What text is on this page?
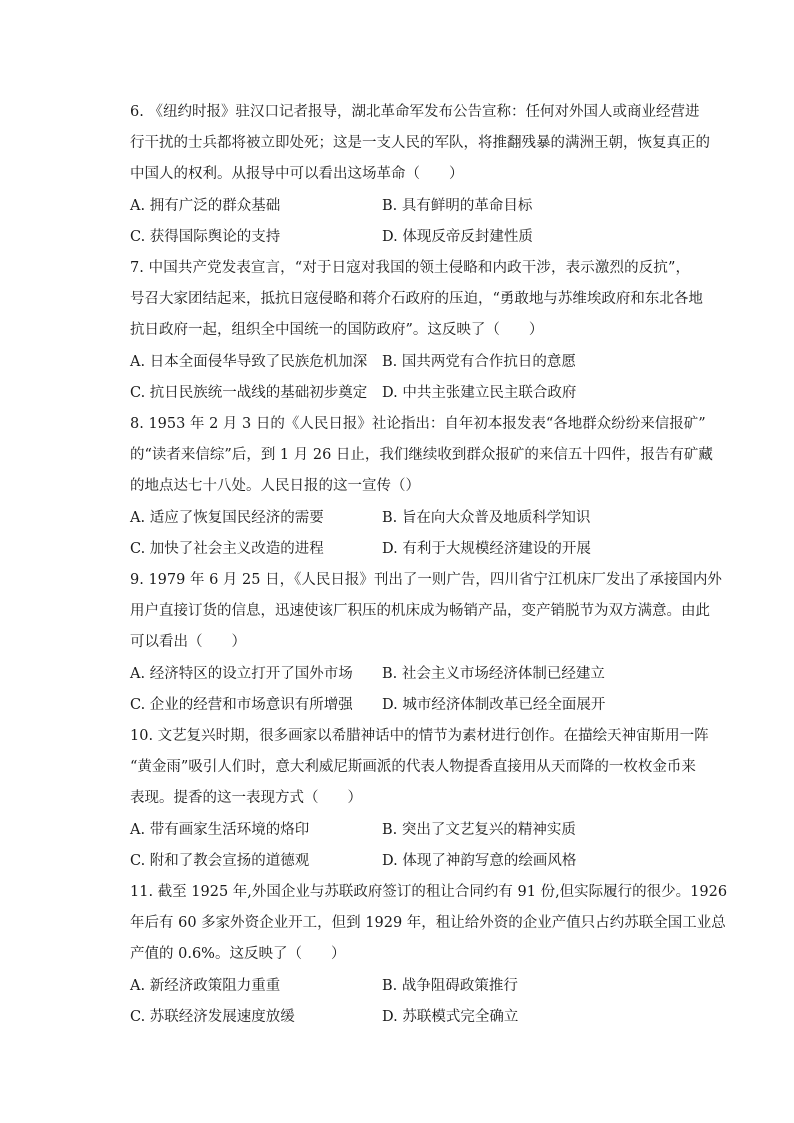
6. 《纽约时报》驻汉口记者报导，湖北革命军发布公告宣称：任何对外国人或商业经营进
行干扰的士兵都将被立即处死；这是一支人民的军队，将推翻残暴的满洲王朝，恢复真正的
中国人的权利。从报导中可以看出这场革命（　　）
A. 拥有广泛的群众基础	B. 具有鲜明的革命目标
C. 获得国际舆论的支持	D. 体现反帝反封建性质
7. 中国共产党发表宣言，“对于日寇对我国的领土侵略和内政干涉，表示激烈的反抗”，
号召大家团结起来，抵抗日寇侵略和蒋介石政府的压迫，“勇敢地与苏维埃政府和东北各地
抗日政府一起，组织全中国统一的国防政府”。这反映了（　　）
A. 日本全面侵华导致了民族危机加深 B. 国共两党有合作抗日的意愿
C. 抗日民族统一战线的基础初步奠定 D. 中共主张建立民主联合政府
8. 1953 年 2 月 3 日的《人民日报》社论指出：自年初本报发表“各地群众纷纷来信报矿”
的“读者来信综”后，到 1 月 26 日止，我们继续收到群众报矿的来信五十四件，报告有矿藏
的地点达七十八处。人民日报的这一宣传（）
A. 适应了恢复国民经济的需要	B. 旨在向大众普及地质科学知识
C. 加快了社会主义改造的进程	D. 有利于大规模经济建设的开展
9. 1979 年 6 月 25 日，《人民日报》刊出了一则广告，四川省宁江机床厂发出了承接国内外
用户直接订货的信息，迅速使该厂积压的机床成为畅销产品，变产销脱节为双方满意。由此
可以看出（　　）
A. 经济特区的设立打开了国外市场 B. 社会主义市场经济体制已经建立
C. 企业的经营和市场意识有所增强 D. 城市经济体制改革已经全面展开
10. 文艺复兴时期，很多画家以希腊神话中的情节为素材进行创作。在描绘天神宙斯用一阵
“黄金雨”吸引人们时，意大利威尼斯画派的代表人物提香直接用从天而降的一枚枚金币来
表现。提香的这一表现方式（　　）
A. 带有画家生活环境的烙印	B. 突出了文艺复兴的精神实质
C. 附和了教会宣扬的道德观	D. 体现了神韵写意的绘画风格
11. 截至 1925 年,外国企业与苏联政府签订的租让合同约有 91 份,但实际履行的很少。1926
年后有 60 多家外资企业开工，但到 1929 年，租让给外资的企业产值只占约苏联全国工业总
产值的 0.6%。这反映了（　　）
A. 新经济政策阻力重重	B. 战争阻碍政策推行
C. 苏联经济发展速度放缓	D. 苏联模式完全确立
